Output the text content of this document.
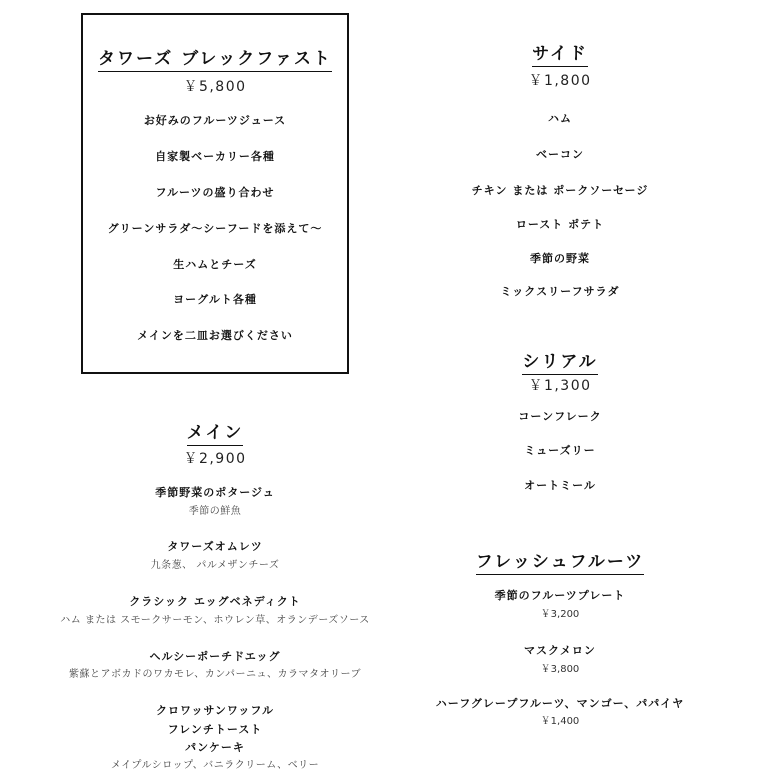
タワーズ ブレックファスト
￥5,800
お好みのフルーツジュース
自家製ベーカリー各種
フルーツの盛り合わせ
グリーンサラダ～シーフードを添えて～
生ハムとチーズ
ヨーグルト各種
メインを二皿お選びください
メイン
￥2,900
季節野菜のポタージュ
季節の鮮魚
タワーズオムレツ
九条葱、 パルメザンチーズ
クラシック エッグベネディクト
ハム または スモークサーモン、ホウレン草、オランデーズソース
ヘルシーポーチドエッグ
紫蘇とアボカドのワカモレ、カンパーニュ、カラマタオリーブ
クロワッサンワッフル
フレンチトースト
パンケーキ
メイプルシロップ、バニラクリーム、ベリー
サイド
￥1,800
ハム
ベーコン
チキン または ポークソーセージ
ロースト ポテト
季節の野菜
ミックスリーフサラダ
シリアル
￥1,300
コーンフレーク
ミューズリー
オートミール
フレッシュフルーツ
季節のフルーツプレート
￥3,200
マスクメロン
￥3,800
ハーフグレープフルーツ、マンゴー、パパイヤ
￥1,400
